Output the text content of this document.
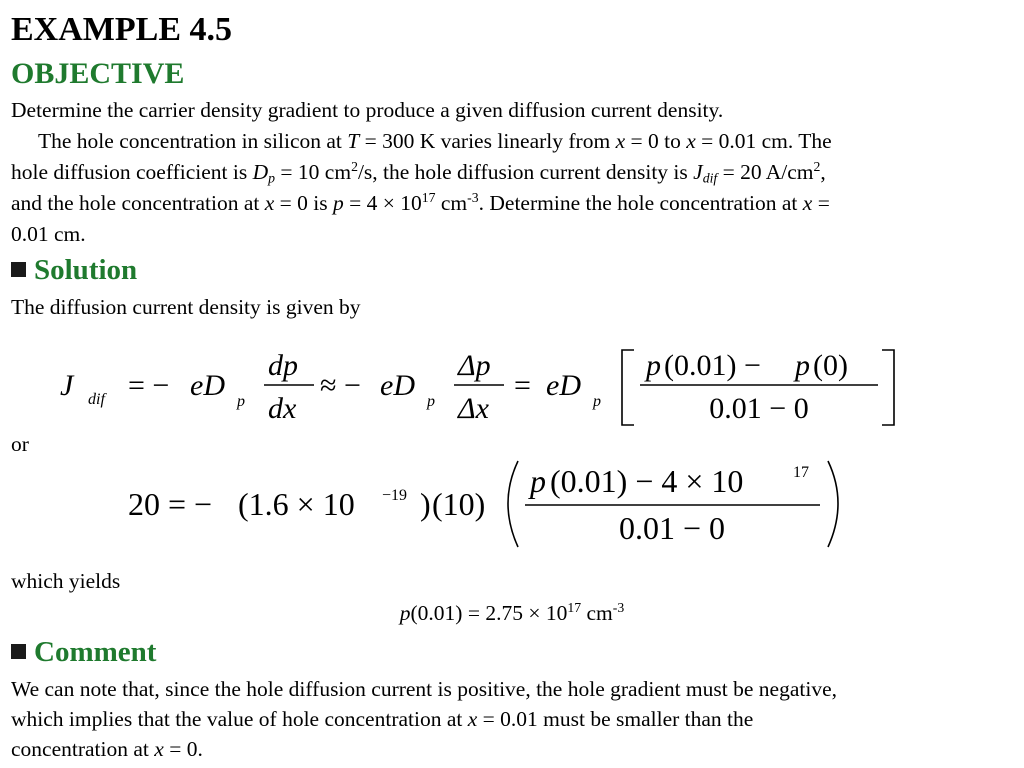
EXAMPLE 4.5
OBJECTIVE
Determine the carrier density gradient to produce a given diffusion current density.
The hole concentration in silicon at T = 300 K varies linearly from x = 0 to x = 0.01 cm. The
hole diffusion coefficient is $D_p = 10$ $cm^2/s$, the hole diffusion current density is $J_{dif} = 20$ $A/cm^2$,
and the hole concentration at x = 0 is $p = 4 \times 10^{17}$ $cm^{-3}$. Determine the hole concentration at x =
0.01 cm.
Solution
The diffusion current density is given by
J dif = − eD p
dp
dx
≈ − eD p
Δp
Δx
= eD p
p (0.01) − p (0)
0.01 − 0
or
20 = − (1.6 × 10 −19 ) (10)
p (0.01) − 4 × 10	17
0.01 − 0
which yields
$p(0.01) = 2.75 \times 10^{17}$ $cm^{-3}$
Comment
We can note that, since the hole diffusion current is positive, the hole gradient must be negative,
which implies that the value of hole concentration at x = 0.01 must be smaller than the
concentration at x = 0.
